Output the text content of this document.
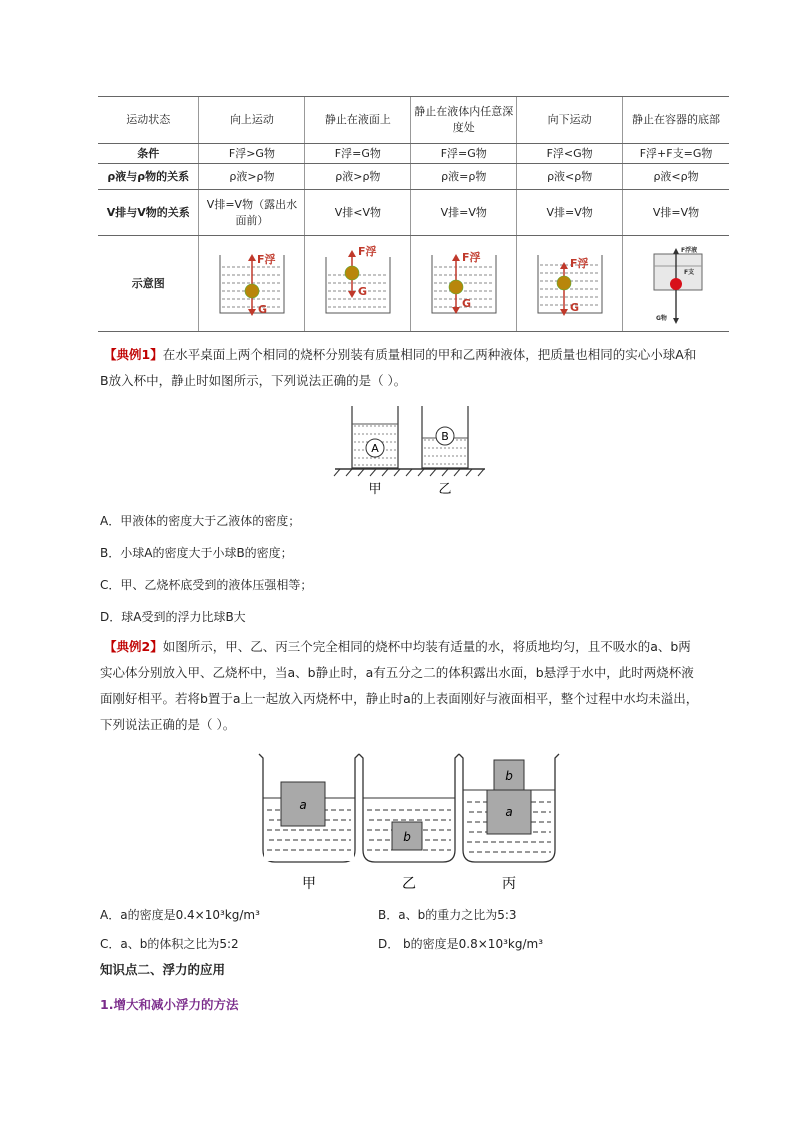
运动状态	向上运动	静止在液面上	静止在液体内任意深度处	向下运动	静止在容器的底部
条件	F浮>G物	F浮=G物	F浮=G物	F浮<G物	F浮+F支=G物
ρ液与ρ物的关系	ρ液>ρ物	ρ液>ρ物	ρ液=ρ物	ρ液<ρ物	ρ液<ρ物
V排与V物的关系	V排=V物（露出水面前）	V排<V物	V排=V物	V排=V物	V排=V物
示意图	F浮
G	F浮
G	F浮
G	F浮
G	F浮液
F支
G物
【典例1】在水平桌面上两个相同的烧杯分别装有质量相同的甲和乙两种液体，把质量也相同的实心小球A和B放入杯中，静止时如图所示，下列说法正确的是（ ）。
A
B
甲	乙
A．甲液体的密度大于乙液体的密度；
B．小球A的密度大于小球B的密度；
C．甲、乙烧杯底受到的液体压强相等；
D．球A受到的浮力比球B大
【典例2】如图所示，甲、乙、丙三个完全相同的烧杯中均装有适量的水，将质地均匀，且不吸水的a、b两实心体分别放入甲、乙烧杯中，当a、b静止时，a有五分之二的体积露出水面，b悬浮于水中，此时两烧杯液面刚好相平。若将b置于a上一起放入丙烧杯中，静止时a的上表面刚好与液面相平，整个过程中水均未溢出，下列说法正确的是（ ）。
a
b
a
b
甲	乙	丙
A．a的密度是0.4×10³kg/m³	B．a、b的重力之比为5:3
C．a、b的体积之比为5:2	D． b的密度是0.8×10³kg/m³
知识点二、浮力的应用
1.增大和减小浮力的方法
